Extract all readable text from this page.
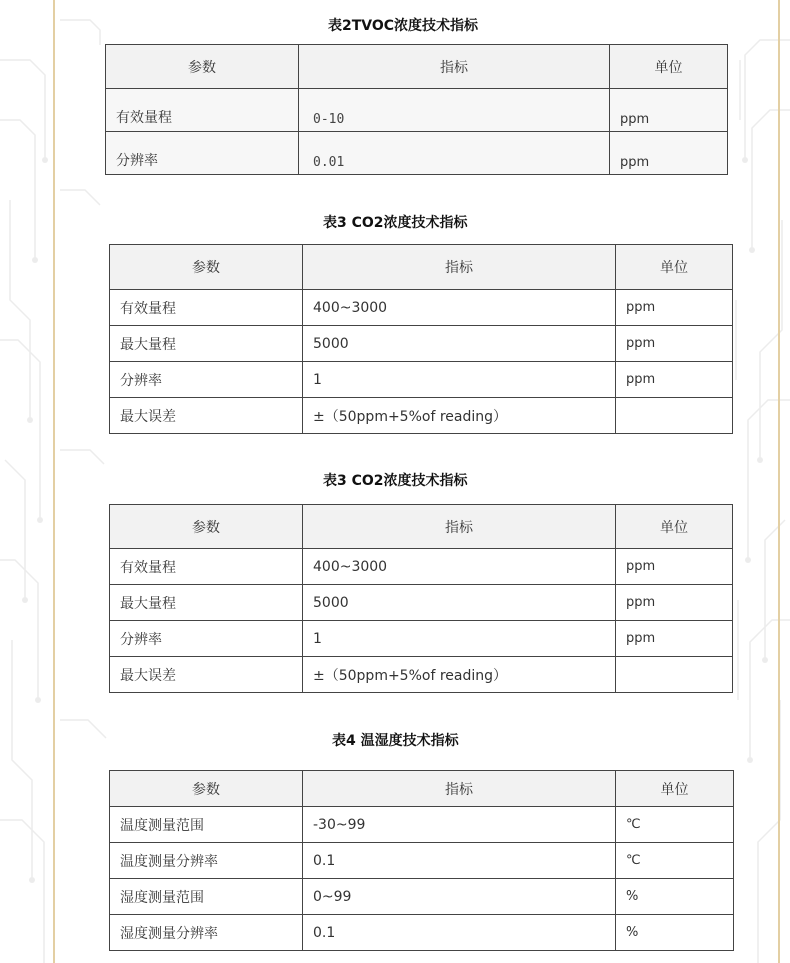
表2TVOC浓度技术指标
参数	指标	单位
有效量程	0-10	ppm
分辨率	0.01	ppm
表3 CO2浓度技术指标
参数	指标	单位
有效量程	400~3000	ppm
最大量程	5000	ppm
分辨率	1	ppm
最大误差	±（50ppm+5%of reading）	
表3 CO2浓度技术指标
参数	指标	单位
有效量程	400~3000	ppm
最大量程	5000	ppm
分辨率	1	ppm
最大误差	±（50ppm+5%of reading）	
表4 温湿度技术指标
参数	指标	单位
温度测量范围	-30~99	℃
温度测量分辨率	0.1	℃
湿度测量范围	0~99	%
湿度测量分辨率	0.1	%
